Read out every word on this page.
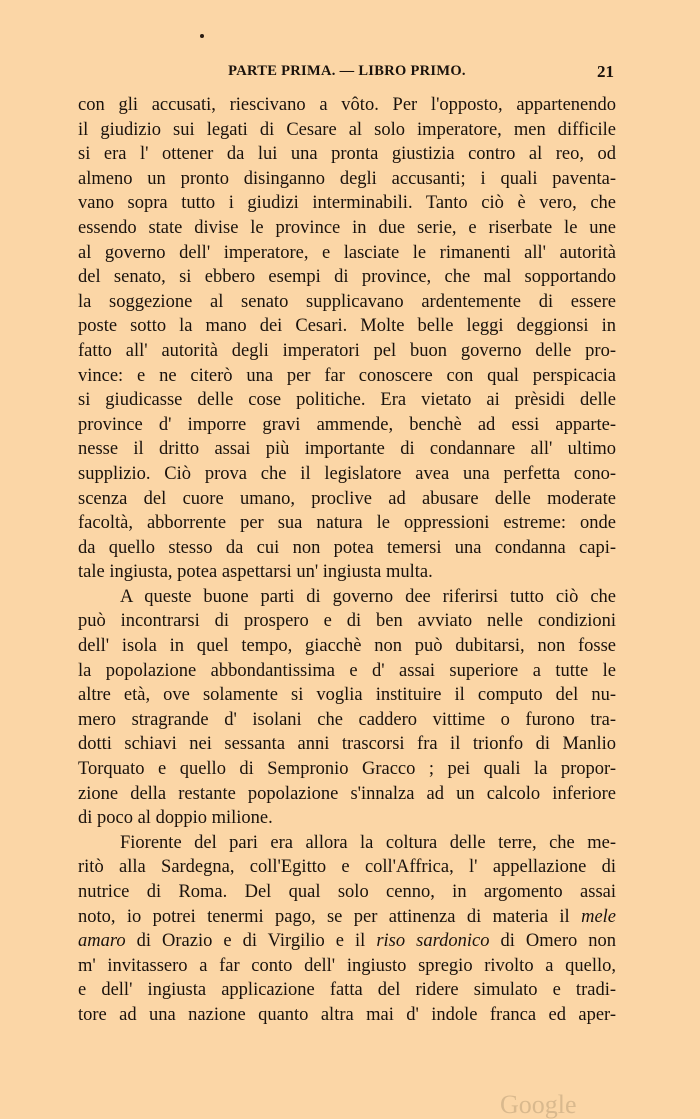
PARTE PRIMA. — LIBRO PRIMO.	21

con gli accusati, riescivano a vôto. Per l'opposto, appartenendo
il giudizio sui legati di Cesare al solo imperatore, men difficile
si era l' ottener da lui una pronta giustizia contro al reo, od
almeno un pronto disinganno degli accusanti; i quali paventa-
vano sopra tutto i giudizi interminabili. Tanto ciò è vero, che
essendo state divise le province in due serie, e riserbate le une
al governo dell' imperatore, e lasciate le rimanenti all' autorità
del senato, si ebbero esempi di province, che mal sopportando
la soggezione al senato supplicavano ardentemente di essere
poste sotto la mano dei Cesari. Molte belle leggi deggionsi in
fatto all' autorità degli imperatori pel buon governo delle pro-
vince: e ne citerò una per far conoscere con qual perspicacia
si giudicasse delle cose politiche. Era vietato ai prèsidi delle
province d' imporre gravi ammende, benchè ad essi apparte-
nesse il dritto assai più importante di condannare all' ultimo
supplizio. Ciò prova che il legislatore avea una perfetta cono-
scenza del cuore umano, proclive ad abusare delle moderate
facoltà, abborrente per sua natura le oppressioni estreme: onde
da quello stesso da cui non potea temersi una condanna capi-
tale ingiusta, potea aspettarsi un' ingiusta multa.

A queste buone parti di governo dee riferirsi tutto ciò che
può incontrarsi di prospero e di ben avviato nelle condizioni
dell' isola in quel tempo, giacchè non può dubitarsi, non fosse
la popolazione abbondantissima e d' assai superiore a tutte le
altre età, ove solamente si voglia instituire il computo del nu-
mero stragrande d' isolani che caddero vittime o furono tra-
dotti schiavi nei sessanta anni trascorsi fra il trionfo di Manlio
Torquato e quello di Sempronio Gracco ; pei quali la propor-
zione della restante popolazione s'innalza ad un calcolo inferiore
di poco al doppio milione.

Fiorente del pari era allora la coltura delle terre, che me-
ritò alla Sardegna, coll'Egitto e coll'Affrica, l' appellazione di
nutrice di Roma. Del qual solo cenno, in argomento assai
noto, io potrei tenermi pago, se per attinenza di materia il mele
amaro di Orazio e di Virgilio e il riso sardonico di Omero non
m' invitassero a far conto dell' ingiusto spregio rivolto a quello,
e dell' ingiusta applicazione fatta del ridere simulato e tradi-
tore ad una nazione quanto altra mai d' indole franca ed aper-

Google
